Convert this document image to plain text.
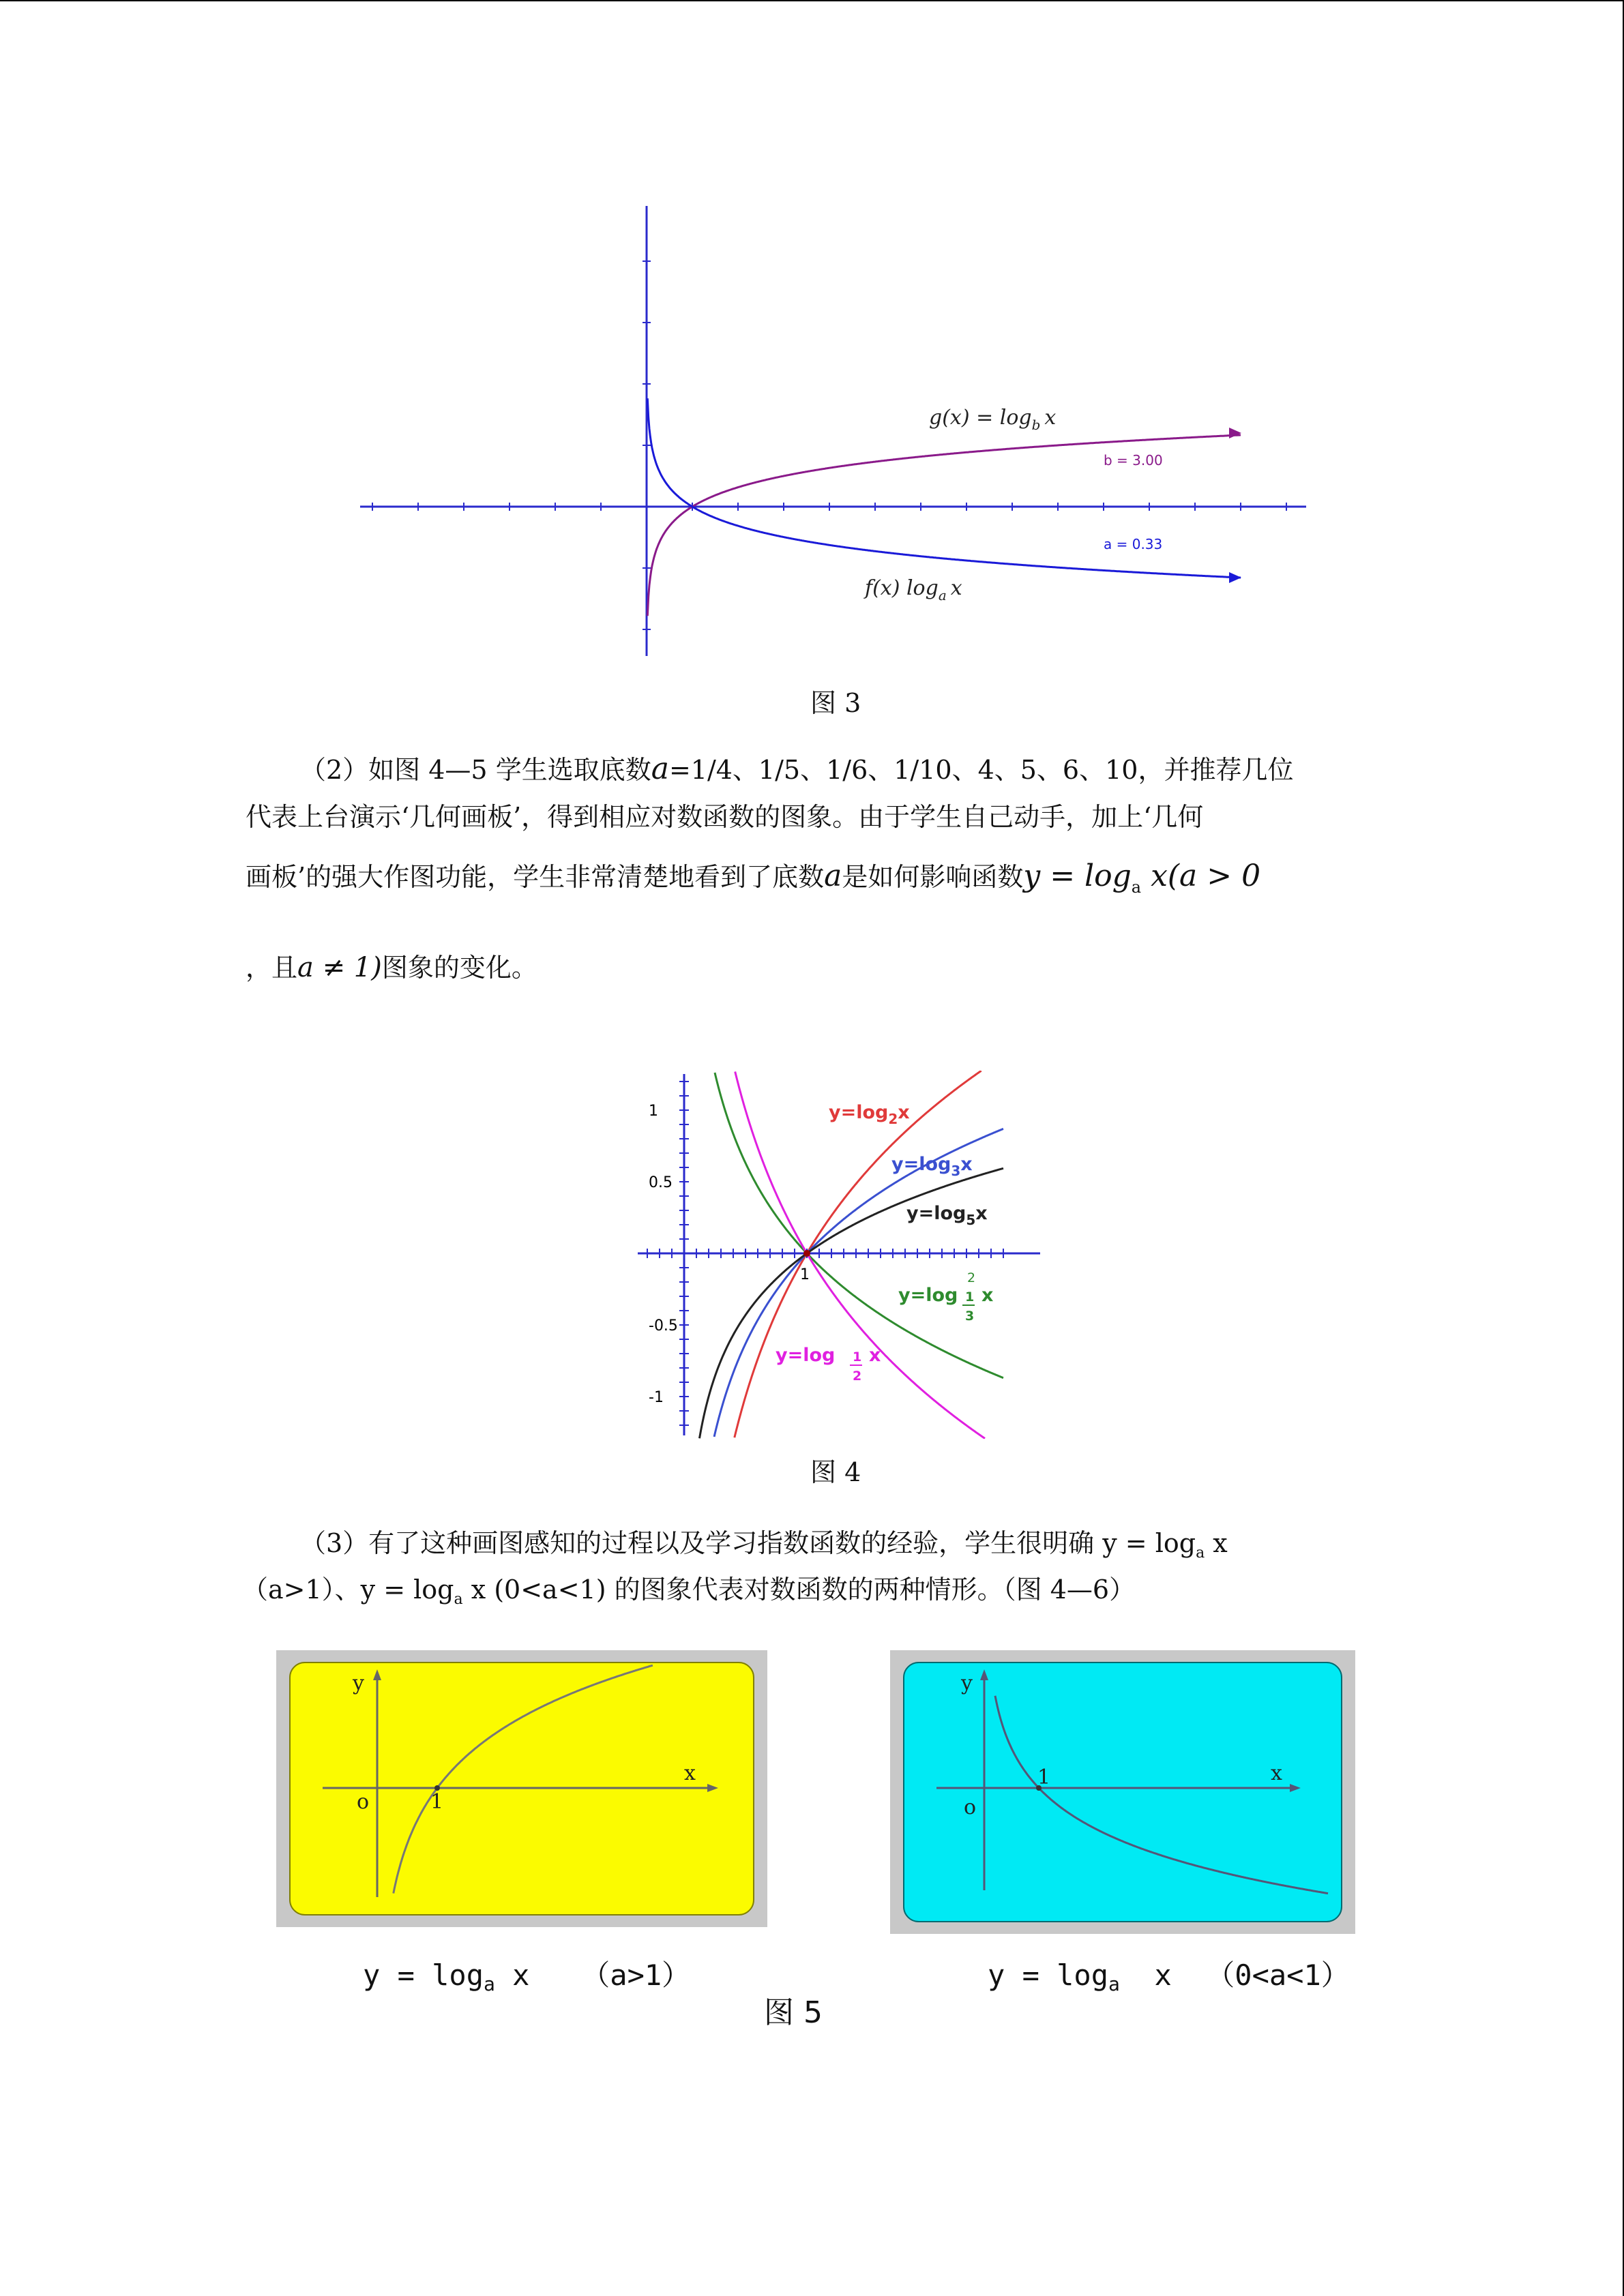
$g(x) = \log_b x$
b = 3.00
a = 0.33
f(x) $\log_a x$
图 3
（2）如图 4—5 学生选取底数a=1/4、1/5、1/6、1/10、4、5、6、10，并推荐几位
代表上台演示‘几何画板’，得到相应对数函数的图象。由于学生自己动手，加上‘几何
画板’的强大作图功能，学生非常清楚地看到了底数a是如何影响函数$y = \log_a x(a > 0$
，且a ≠ 1)图象的变化。
1
0.5
-0.5
-1
1
$y=\log_2x$
$y=\log_3x$
$y=\log_5x$
y=log
2
1
3
x
y=log 1
2
x
图 4
（3）有了这种画图感知的过程以及学习指数函数的经验，学生很明确 $y = \log_a x$
（a>1）、$y = \log_a x$ (0<a<1) 的图象代表对数函数的两种情形。（图 4—6）
y
x
o	1
y
x
o
1
$y = \log_a x$   （a>1）	$y = \log_a x$  （0<a<1）
图 5
